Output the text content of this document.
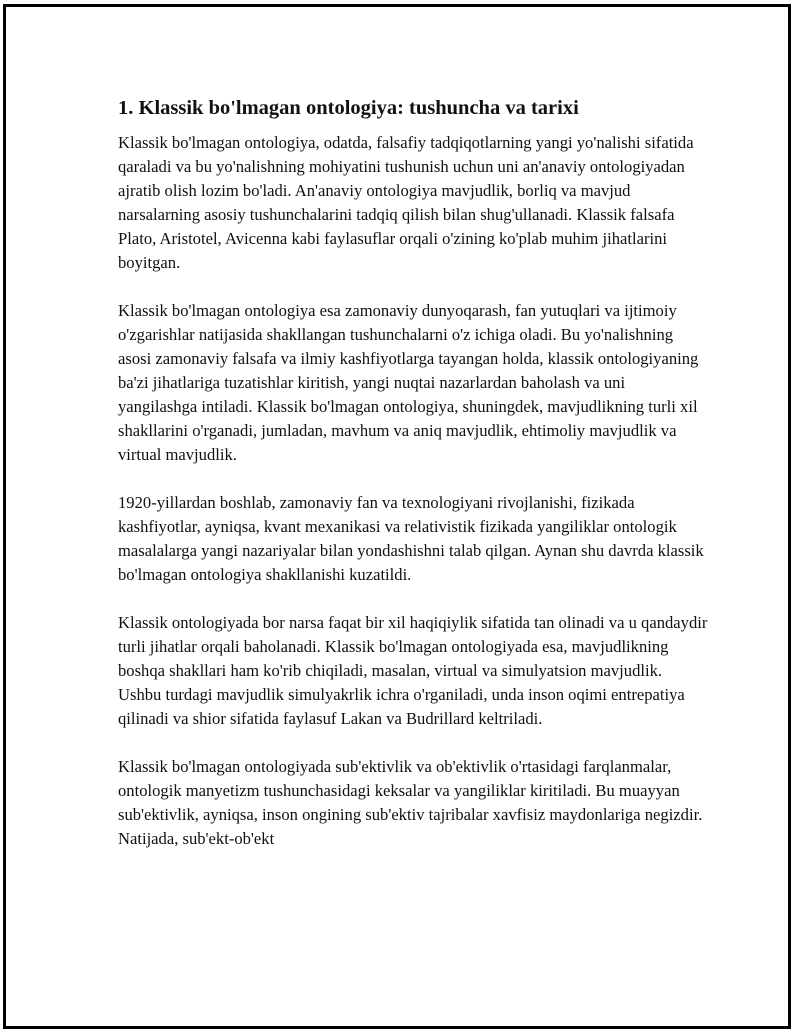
1. Klassik bo'lmagan ontologiya: tushuncha va tarixi

Klassik bo'lmagan ontologiya, odatda, falsafiy tadqiqotlarning yangi yo'nalishi sifatida qaraladi va bu yo'nalishning mohiyatini tushunish uchun uni an'anaviy ontologiyadan ajratib olish lozim bo'ladi. An'anaviy ontologiya mavjudlik, borliq va mavjud narsalarning asosiy tushunchalarini tadqiq qilish bilan shug'ullanadi. Klassik falsafa Plato, Aristotel, Avicenna kabi faylasuflar orqali o'zining ko'plab muhim jihatlarini boyitgan.

Klassik bo'lmagan ontologiya esa zamonaviy dunyoqarash, fan yutuqlari va ijtimoiy o'zgarishlar natijasida shakllangan tushunchalarni o'z ichiga oladi. Bu yo'nalishning asosi zamonaviy falsafa va ilmiy kashfiyotlarga tayangan holda, klassik ontologiyaning ba'zi jihatlariga tuzatishlar kiritish, yangi nuqtai nazarlardan baholash va uni yangilashga intiladi. Klassik bo'lmagan ontologiya, shuningdek, mavjudlikning turli xil shakllarini o'rganadi, jumladan, mavhum va aniq mavjudlik, ehtimoliy mavjudlik va virtual mavjudlik.

1920-yillardan boshlab, zamonaviy fan va texnologiyani rivojlanishi, fizikada kashfiyotlar, ayniqsa, kvant mexanikasi va relativistik fizikada yangiliklar ontologik masalalarga yangi nazariyalar bilan yondashishni talab qilgan. Aynan shu davrda klassik bo'lmagan ontologiya shakllanishi kuzatildi.

Klassik ontologiyada bor narsa faqat bir xil haqiqiylik sifatida tan olinadi va u qandaydir turli jihatlar orqali baholanadi. Klassik bo'lmagan ontologiyada esa, mavjudlikning boshqa shakllari ham ko'rib chiqiladi, masalan, virtual va simulyatsion mavjudlik. Ushbu turdagi mavjudlik simulyakrlik ichra o'rganiladi, unda inson oqimi entrepatiya qilinadi va shior sifatida faylasuf Lakan va Budrillard keltriladi.

Klassik bo'lmagan ontologiyada sub'ektivlik va ob'ektivlik o'rtasidagi farqlanmalar, ontologik manyetizm tushunchasidagi keksalar va yangiliklar kiritiladi. Bu muayyan sub'ektivlik, ayniqsa, inson ongining sub'ektiv tajribalar xavfisiz maydonlariga negizdir. Natijada, sub'ekt-ob'ekt
